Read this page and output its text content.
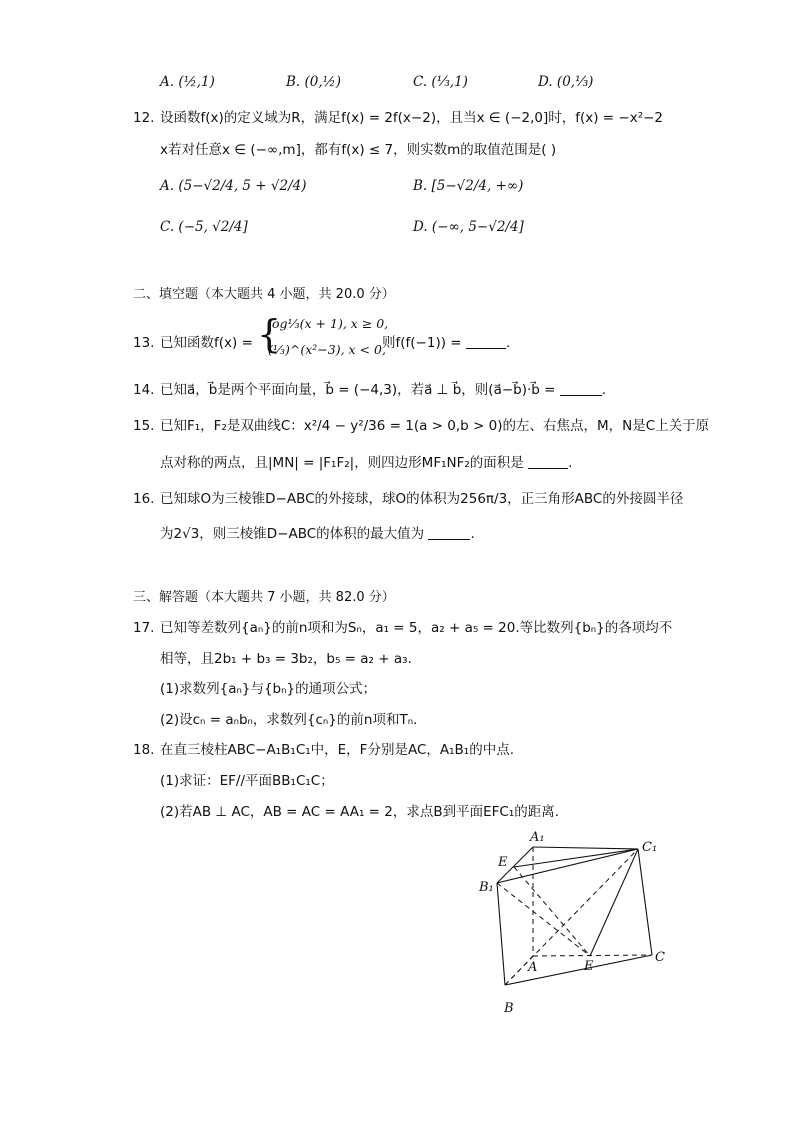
A. (½,1)	B. (0,½)	C. (⅓,1)	D. (0,⅓)
12. 设函数f(x)的定义域为R，满足f(x) = 2f(x−2)，且当x ∈ (−2,0]时，f(x) = −x²−2
x若对任意x ∈ (−∞,m]，都有f(x) ≤ 7，则实数m的取值范围是( )
A. (5−√2/4, 5 + √2/4)	B. [5−√2/4, +∞)
C. (−5, √2/4]	D. (−∞, 5−√2/4]
二、填空题（本大题共 4 小题，共 20.0 分）
13. 已知函数f(x) = {
log⅓(x + 1), x ≥ 0,
(⅓)^(x²−3), x < 0,
则f(f(−1)) =	.
14. 已知a⃗，b⃗是两个平面向量，b⃗ = (−4,3)，若a⃗ ⊥ b⃗，则(a⃗−b⃗)·b⃗ =	.
15. 已知F₁，F₂是双曲线C：x²/4 − y²/36 = 1(a > 0,b > 0)的左、右焦点，M，N是C上关于原
点对称的两点，且|MN| = |F₁F₂|，则四边形MF₁NF₂的面积是	.
16. 已知球O为三棱锥D−ABC的外接球，球O的体积为256π/3，正三角形ABC的外接圆半径
为2√3，则三棱锥D−ABC的体积的最大值为	.
三、解答题（本大题共 7 小题，共 82.0 分）
17. 已知等差数列{aₙ}的前n项和为Sₙ，a₁ = 5，a₂ + a₅ = 20.等比数列{bₙ}的各项均不
相等，且2b₁ + b₃ = 3b₂，b₅ = a₂ + a₃.
(1)求数列{aₙ}与{bₙ}的通项公式；
(2)设cₙ = aₙbₙ，求数列{cₙ}的前n项和Tₙ.
18. 在直三棱柱ABC−A₁B₁C₁中，E，F分别是AC，A₁B₁的中点.
(1)求证：EF//平面BB₁C₁C；
(2)若AB ⊥ AC，AB = AC = AA₁ = 2，求点B到平面EFC₁的距离.
A₁
C₁
E
B₁
A	E
C
B
